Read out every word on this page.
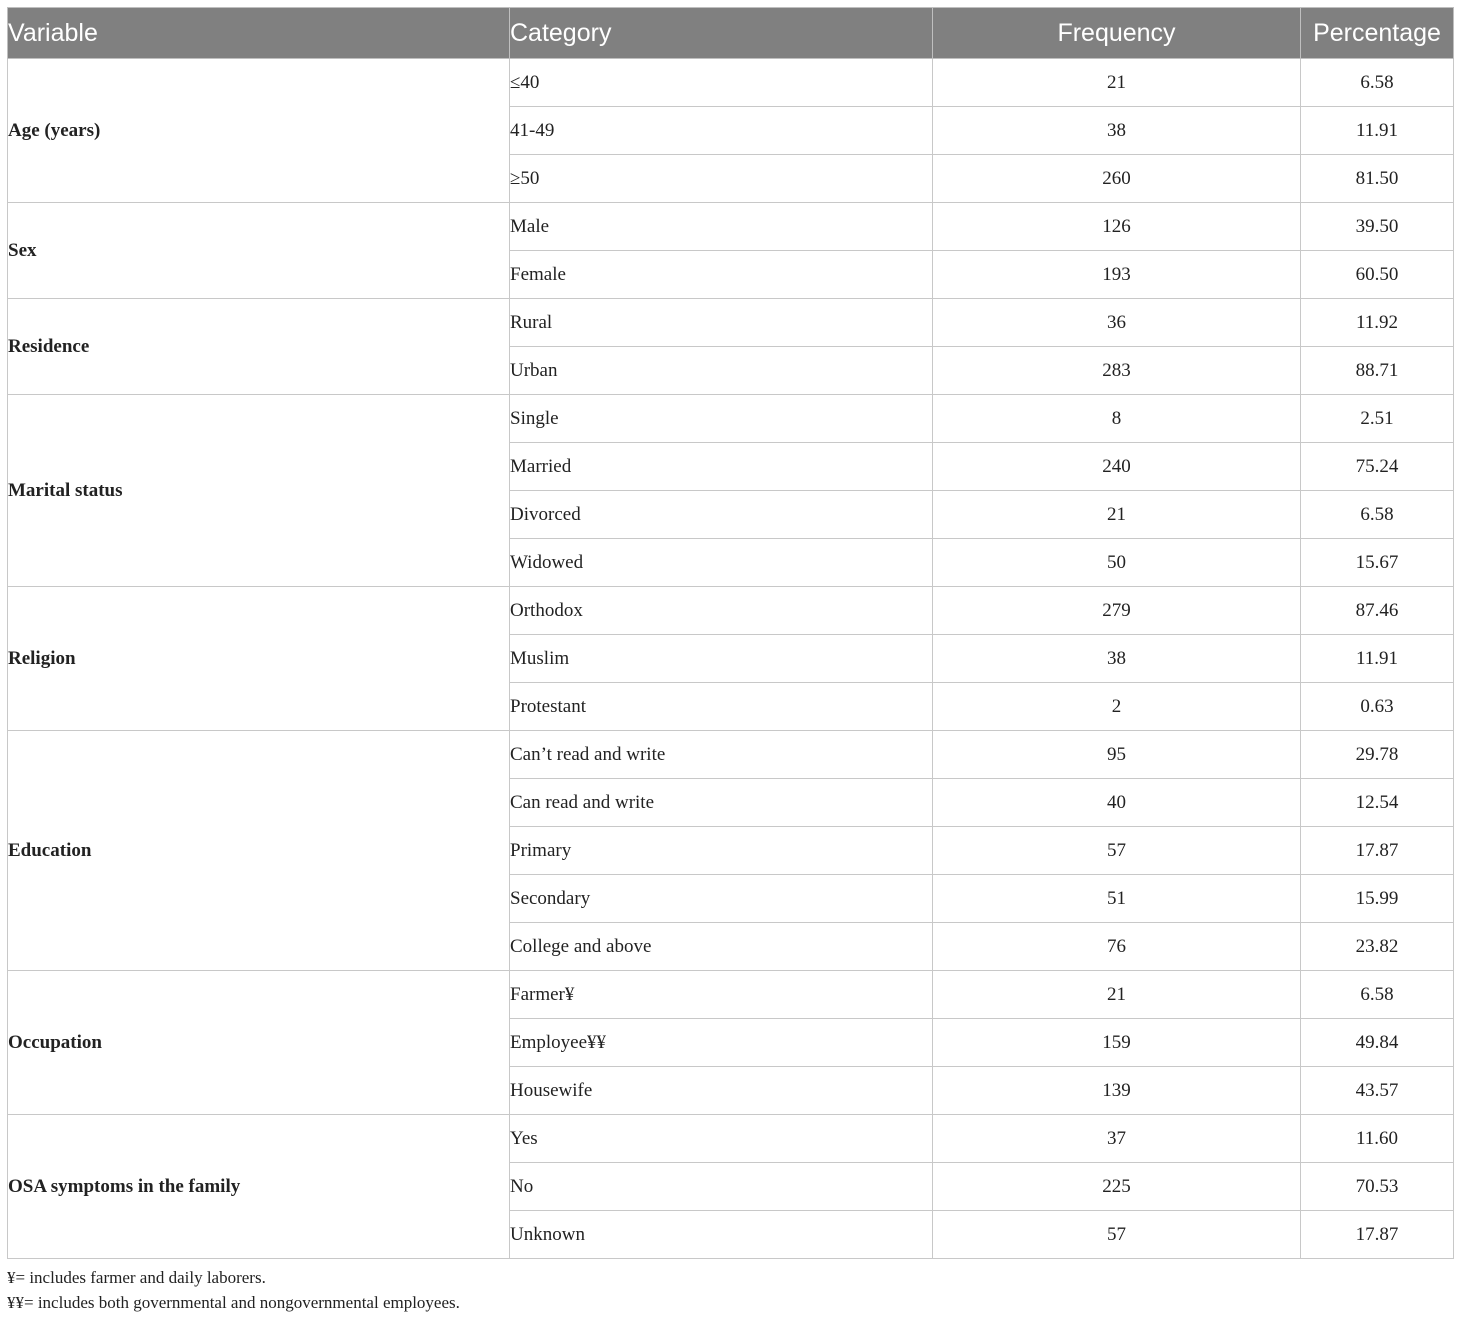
Variable	Category	Frequency	Percentage
Age (years)	≤40	21	6.58
	41-49	38	11.91
	≥50	260	81.50
Sex	Male	126	39.50
	Female	193	60.50
Residence	Rural	36	11.92
	Urban	283	88.71
Marital status	Single	8	2.51
	Married	240	75.24
	Divorced	21	6.58
	Widowed	50	15.67
Religion	Orthodox	279	87.46
	Muslim	38	11.91
	Protestant	2	0.63
Education	Can’t read and write	95	29.78
	Can read and write	40	12.54
	Primary	57	17.87
	Secondary	51	15.99
	College and above	76	23.82
Occupation	Farmer¥	21	6.58
	Employee¥¥	159	49.84
	Housewife	139	43.57
OSA symptoms in the family	Yes	37	11.60
	No	225	70.53
	Unknown	57	17.87
¥= includes farmer and daily laborers.
¥¥= includes both governmental and nongovernmental employees.
